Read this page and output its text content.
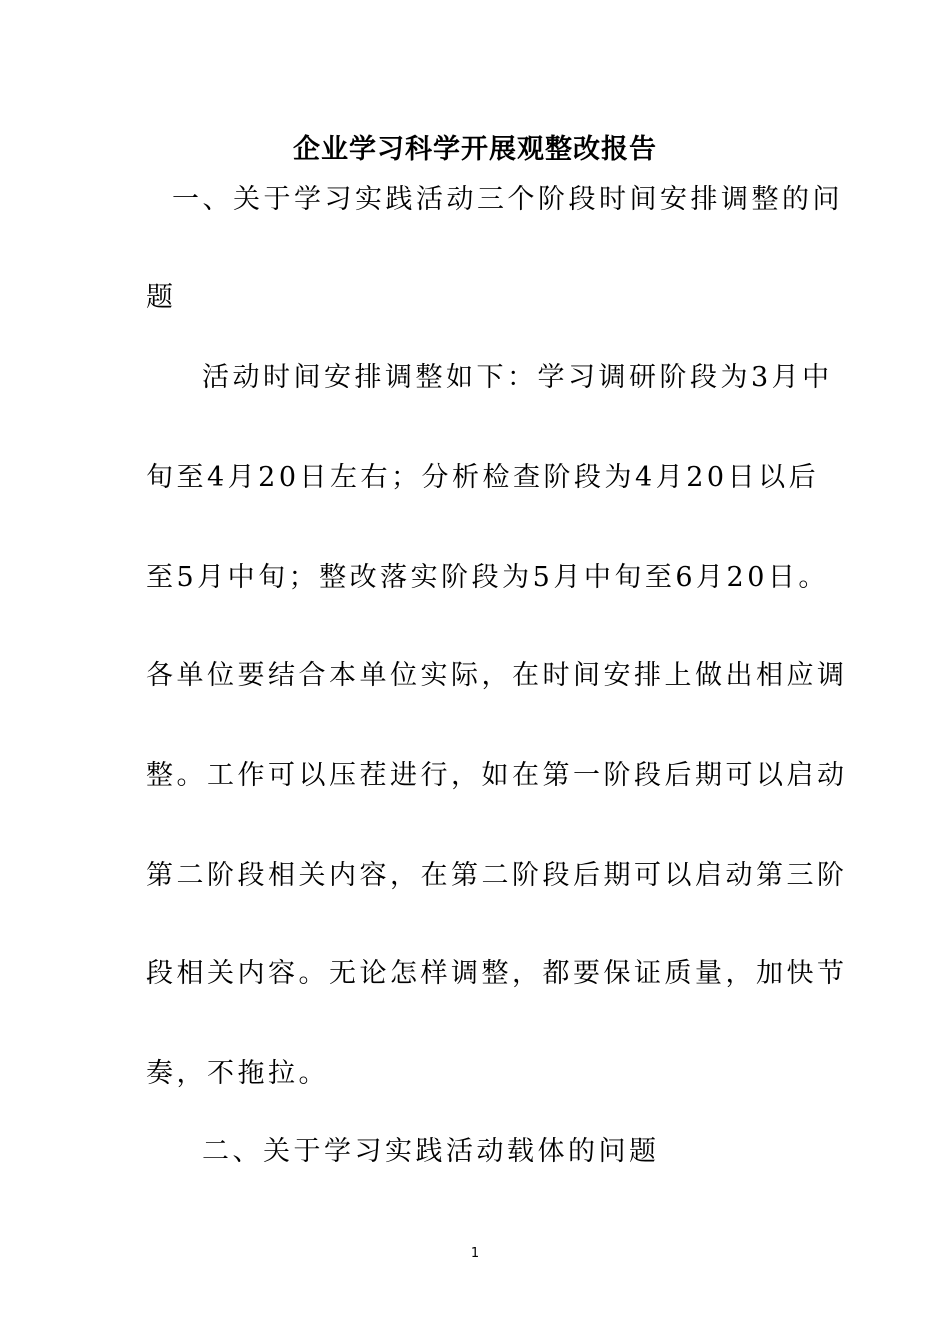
企业学习科学开展观整改报告

一、关于学习实践活动三个阶段时间安排调整的问

题

活动时间安排调整如下：学习调研阶段为3月中

旬至4月20日左右；分析检查阶段为4月20日以后

至5月中旬；整改落实阶段为5月中旬至6月20日。

各单位要结合本单位实际，在时间安排上做出相应调

整。工作可以压茬进行，如在第一阶段后期可以启动

第二阶段相关内容，在第二阶段后期可以启动第三阶

段相关内容。无论怎样调整，都要保证质量，加快节

奏，不拖拉。

二、关于学习实践活动载体的问题

1
